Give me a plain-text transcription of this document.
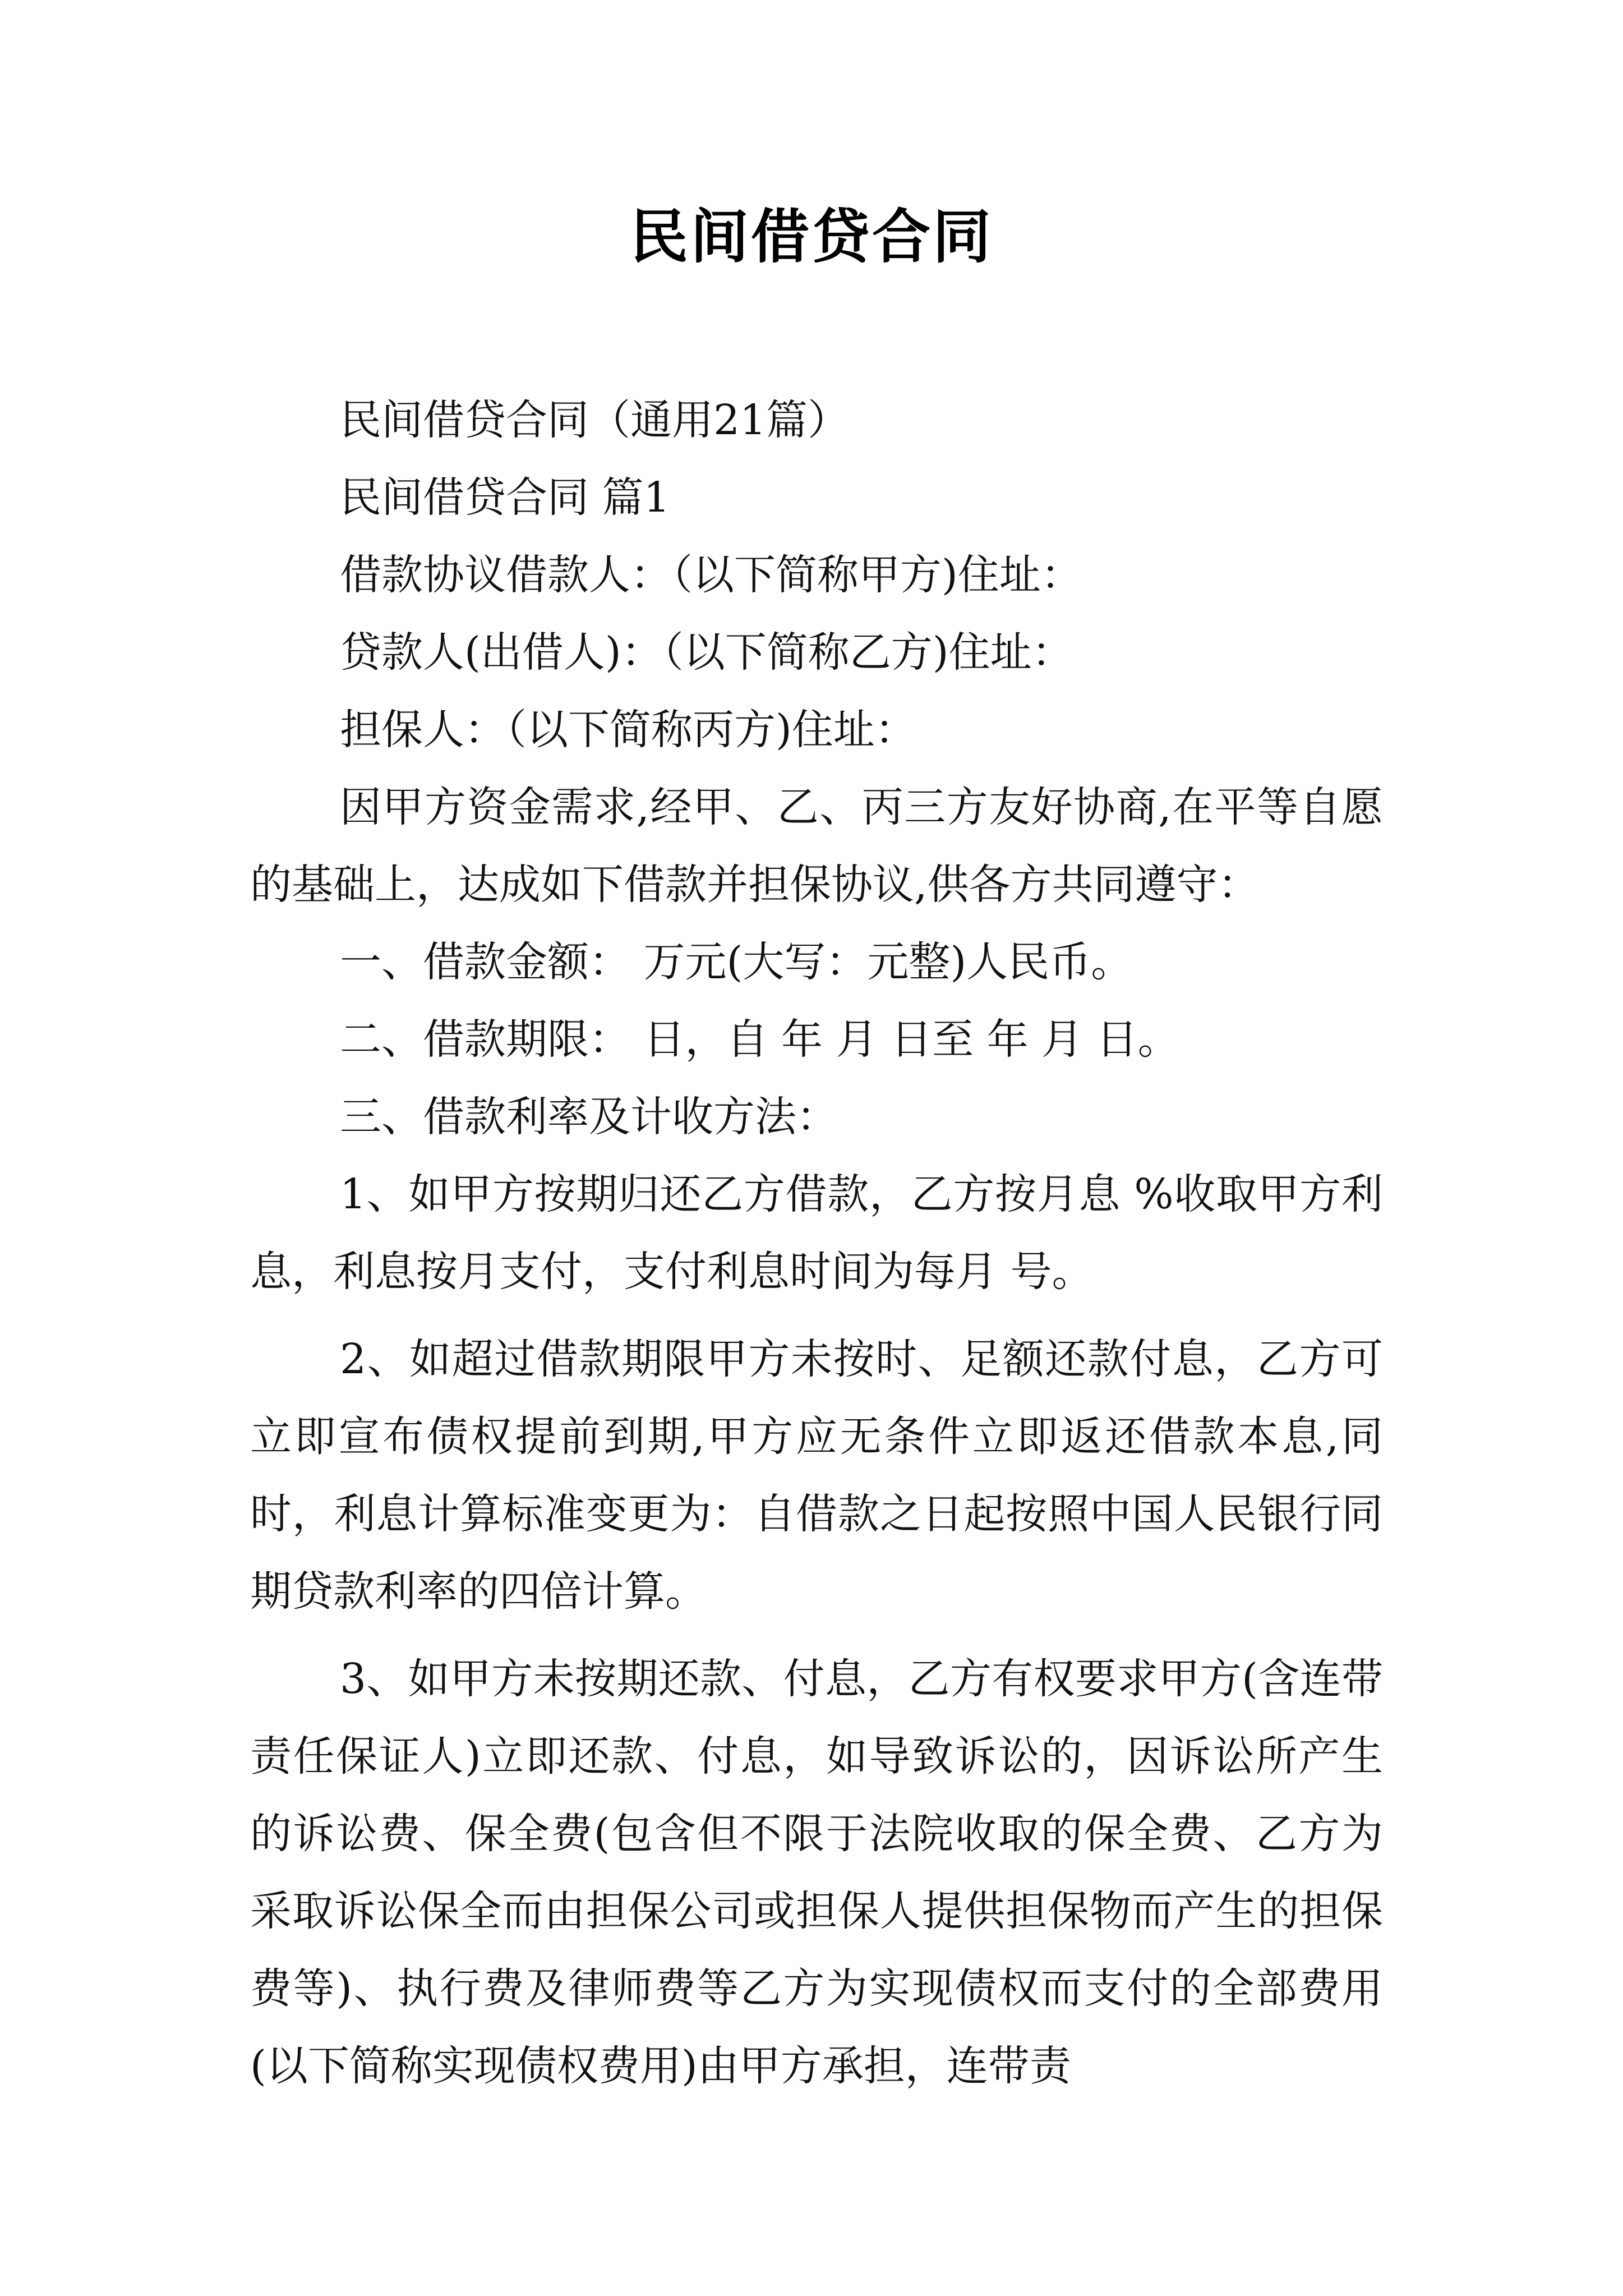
民间借贷合同

民间借贷合同（通用21篇）

民间借贷合同 篇1

借款协议借款人：（以下简称甲方)住址：

贷款人(出借人)：（以下简称乙方)住址：

担保人：（以下简称丙方)住址：

因甲方资金需求,经甲、乙、丙三方友好协商,在平等自愿的基础上，达成如下借款并担保协议,供各方共同遵守：

一、借款金额： 万元(大写：元整)人民币。

二、借款期限： 日，自 年 月 日至 年 月 日。

三、借款利率及计收方法：

1、如甲方按期归还乙方借款，乙方按月息 %收取甲方利息，利息按月支付，支付利息时间为每月 号。

2、如超过借款期限甲方未按时、足额还款付息，乙方可立即宣布债权提前到期,甲方应无条件立即返还借款本息,同时，利息计算标准变更为：自借款之日起按照中国人民银行同期贷款利率的四倍计算。

3、如甲方未按期还款、付息，乙方有权要求甲方(含连带责任保证人)立即还款、付息，如导致诉讼的，因诉讼所产生的诉讼费、保全费(包含但不限于法院收取的保全费、乙方为采取诉讼保全而由担保公司或担保人提供担保物而产生的担保费等)、执行费及律师费等乙方为实现债权而支付的全部费用(以下简称实现债权费用)由甲方承担，连带责
